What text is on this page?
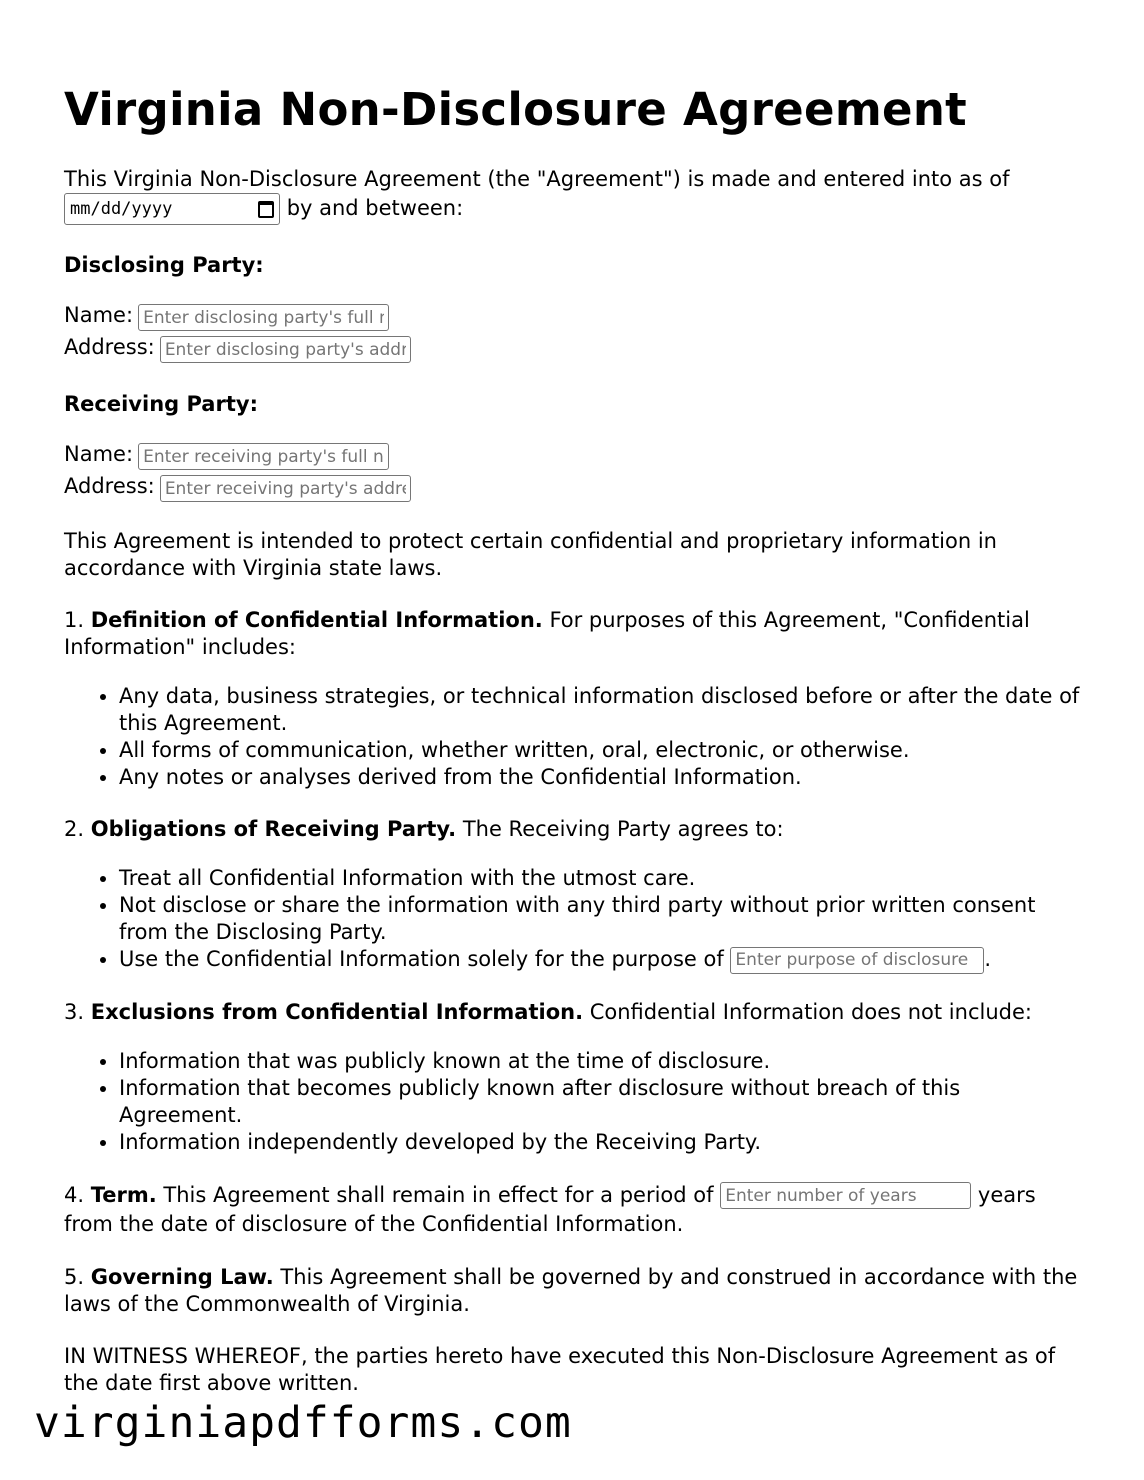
Virginia Non-Disclosure Agreement

This Virginia Non-Disclosure Agreement (the "Agreement") is made and entered into as of
mm/dd/yyyy	by and between:

Disclosing Party:

Name: Enter disclosing party's full name
Address: Enter disclosing party's address

Receiving Party:

Name: Enter receiving party's full name
Address: Enter receiving party's address

This Agreement is intended to protect certain confidential and proprietary information in accordance with Virginia state laws.

1. Definition of Confidential Information. For purposes of this Agreement, "Confidential Information" includes:

• Any data, business strategies, or technical information disclosed before or after the date of this Agreement.
• All forms of communication, whether written, oral, electronic, or otherwise.
• Any notes or analyses derived from the Confidential Information.

2. Obligations of Receiving Party. The Receiving Party agrees to:

• Treat all Confidential Information with the utmost care.
• Not disclose or share the information with any third party without prior written consent from the Disclosing Party.
• Use the Confidential Information solely for the purpose of Enter purpose of disclosure	.

3. Exclusions from Confidential Information. Confidential Information does not include:

• Information that was publicly known at the time of disclosure.
• Information that becomes publicly known after disclosure without breach of this Agreement.
• Information independently developed by the Receiving Party.

4. Term. This Agreement shall remain in effect for a period of Enter number of years	years from the date of disclosure of the Confidential Information.

5. Governing Law. This Agreement shall be governed by and construed in accordance with the laws of the Commonwealth of Virginia.

IN WITNESS WHEREOF, the parties hereto have executed this Non-Disclosure Agreement as of the date first above written.

virginiapdfforms.com
